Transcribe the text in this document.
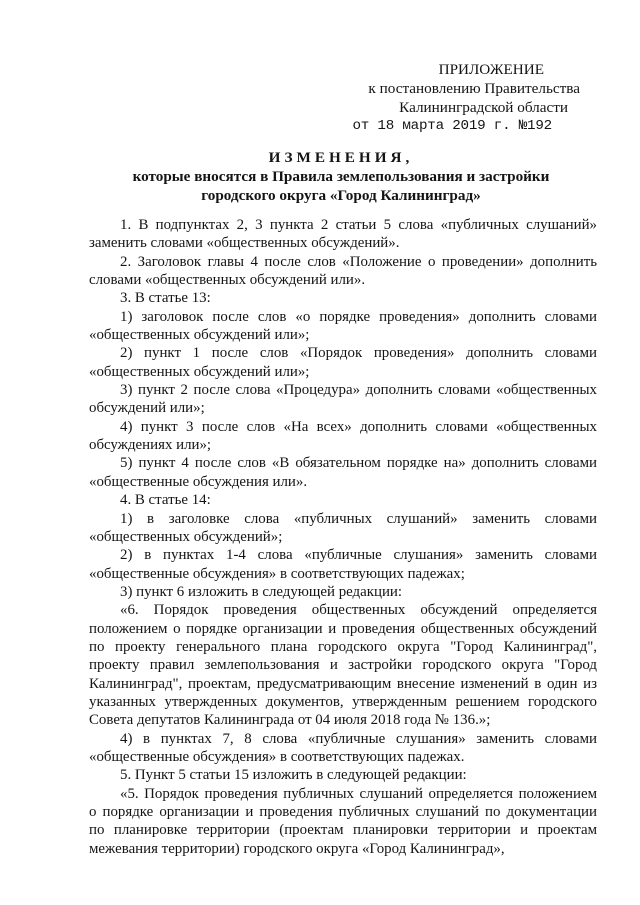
ПРИЛОЖЕНИЕ
к постановлению Правительства
Калининградской области
от 18 марта 2019 г. №192
ИЗМЕНЕНИЯ,
которые вносятся в Правила землепользования и застройки
городского округа «Город Калининград»

1. В подпунктах 2, 3 пункта 2 статьи 5 слова «публичных слушаний» заменить словами «общественных обсуждений».

2. Заголовок главы 4 после слов «Положение о проведении» дополнить словами «общественных обсуждений или».

3. В статье 13:

1) заголовок после слов «о порядке проведения» дополнить словами «общественных обсуждений или»;

2) пункт 1 после слов «Порядок проведения» дополнить словами «общественных обсуждений или»;

3) пункт 2 после слова «Процедура» дополнить словами «общественных обсуждений или»;

4) пункт 3 после слов «На всех» дополнить словами «общественных обсуждениях или»;

5) пункт 4 после слов «В обязательном порядке на» дополнить словами «общественные обсуждения или».

4. В статье 14:

1) в заголовке слова «публичных слушаний» заменить словами «общественных обсуждений»;

2) в пунктах 1-4 слова «публичные слушания» заменить словами «общественные обсуждения» в соответствующих падежах;

3) пункт 6 изложить в следующей редакции:

«6. Порядок проведения общественных обсуждений определяется положением о порядке организации и проведения общественных обсуждений по проекту генерального плана городского округа "Город Калининград", проекту правил землепользования и застройки городского округа "Город Калининград", проектам, предусматривающим внесение изменений в один из указанных утвержденных документов, утвержденным решением городского Совета депутатов Калининграда от 04 июля 2018 года № 136.»;

4) в пунктах 7, 8 слова «публичные слушания» заменить словами «общественные обсуждения» в соответствующих падежах.

5. Пункт 5 статьи 15 изложить в следующей редакции:

«5. Порядок проведения публичных слушаний определяется положением о порядке организации и проведения публичных слушаний по документации по планировке территории (проектам планировки территории и проектам межевания территории) городского округа «Город Калининград»,
